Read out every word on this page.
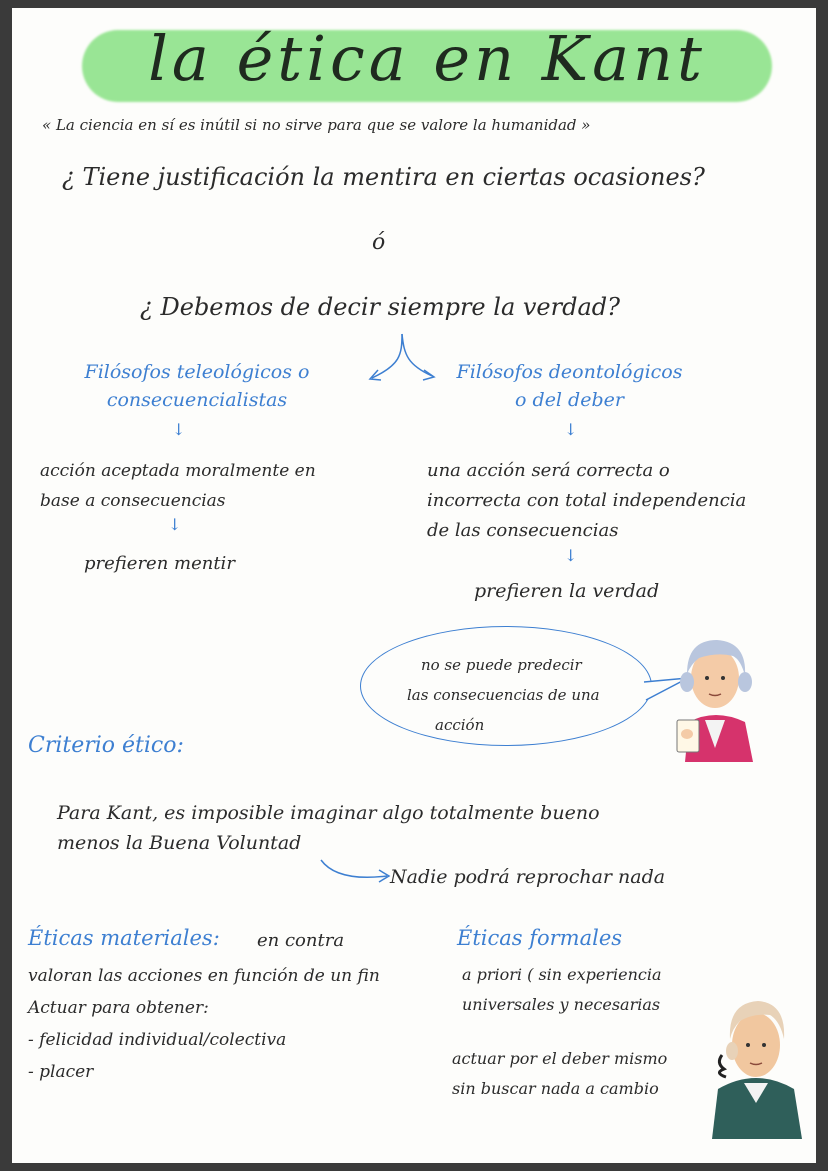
la ética en Kant
« La ciencia en sí es inútil si no sirve para que se valore la humanidad »
¿ Tiene justificación la mentira en ciertas ocasiones?
ó
¿ Debemos de decir siempre la verdad?
Filósofos teleológicos o
consecuencialistas
↓
acción aceptada moralmente en
base a consecuencias
↓
prefieren mentir
Filósofos deontológicos
o del deber
↓
una acción será correcta o
incorrecta con total independencia
de las consecuencias
↓
prefieren la verdad
no se puede predecir
las consecuencias de una
acción
Criterio ético:
Para Kant, es imposible imaginar algo totalmente bueno
menos la Buena Voluntad
Nadie podrá reprochar nada
Éticas materiales: en contra
valoran las acciones en función de un fin
Actuar para obtener:
- felicidad individual/colectiva
- placer
Éticas formales
a priori ( sin experiencia
universales y necesarias
actuar por el deber mismo
sin buscar nada a cambio
